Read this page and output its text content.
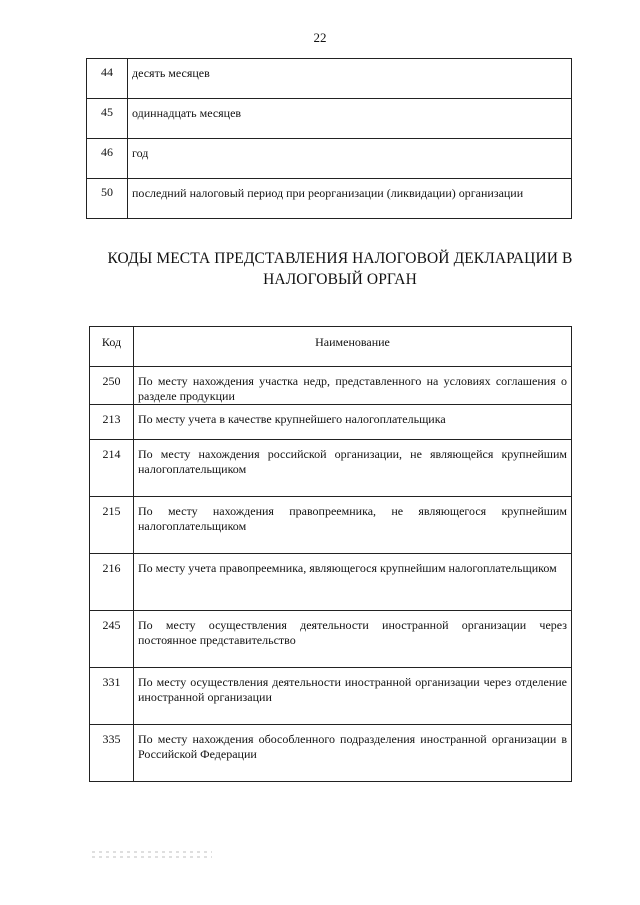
22
44	десять месяцев
45	одиннадцать месяцев
46	год
50	последний налоговый период при реорганизации (ликвидации) организации
КОДЫ МЕСТА ПРЕДСТАВЛЕНИЯ НАЛОГОВОЙ ДЕКЛАРАЦИИ В НАЛОГОВЫЙ ОРГАН
Код	Наименование
250	По месту нахождения участка недр, представленного на условиях соглашения о разделе продукции
213	По месту учета в качестве крупнейшего налогоплательщика
214	По месту нахождения российской организации, не являющейся крупнейшим налогоплательщиком
215	По месту нахождения правопреемника, не являющегося крупнейшим налогоплательщиком
216	По месту учета правопреемника, являющегося крупнейшим налогоплательщиком
245	По месту осуществления деятельности иностранной организации через постоянное представительство
331	По месту осуществления деятельности иностранной организации через отделение иностранной организации
335	По месту нахождения обособленного подразделения иностранной организации в Российской Федерации
